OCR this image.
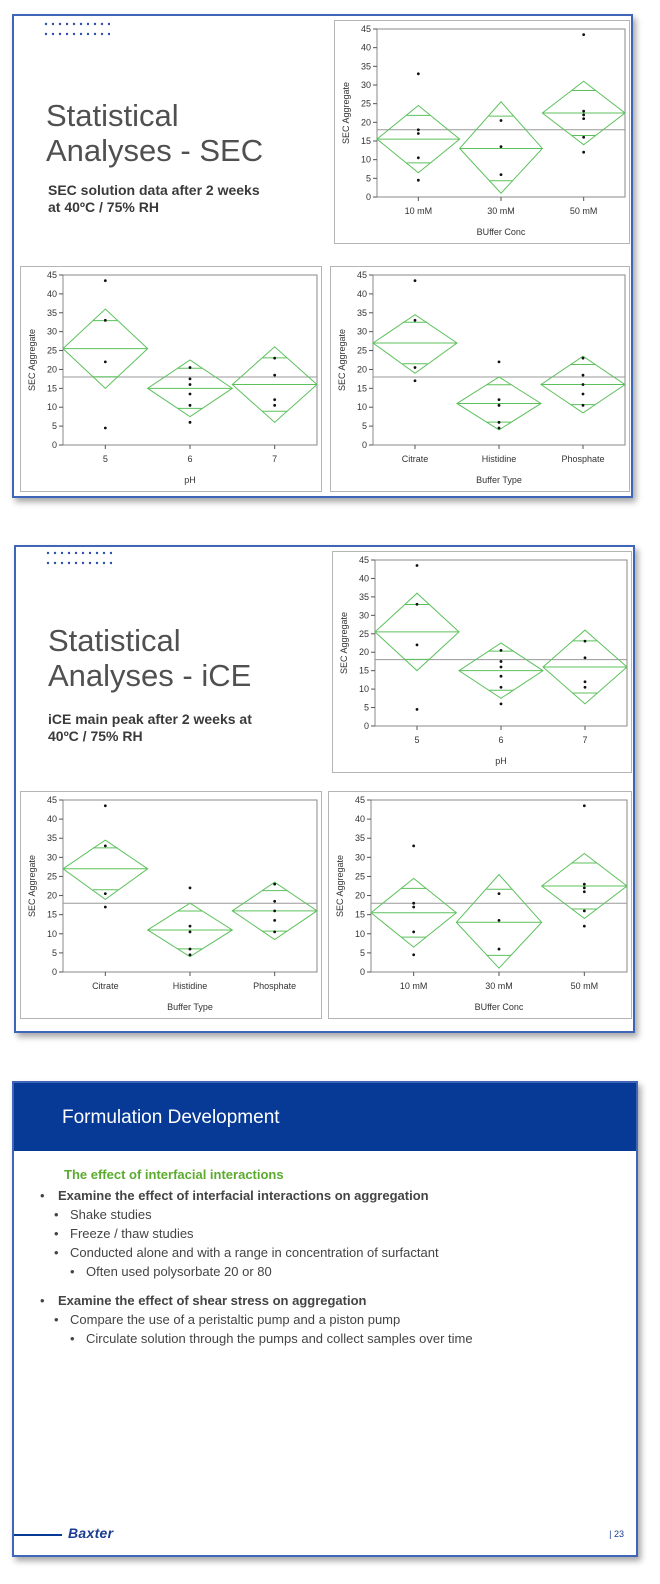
Statistical
Analyses - SEC

SEC solution data after 2 weeks
at 40ºC / 75% RH

0
5
10
15
20
25
30
35
40
45
SEC Aggregate
10 mM	30 mM	50 mM
BUffer Conc
0
5
10
15
20
25
30
35
40
45
SEC Aggregate
5	6	7
pH
0
5
10
15
20
25
30
35
40
45
SEC Aggregate
Citrate	Histidine	Phosphate
Buffer Type
Statistical
Analyses - iCE

iCE main peak after 2 weeks at
40ºC / 75% RH

0
5
10
15
20
25
30
35
40
45
SEC Aggregate
5	6	7
pH
0
5
10
15
20
25
30
35
40
45
SEC Aggregate
Citrate	Histidine	Phosphate
Buffer Type
0
5
10
15
20
25
30
35
40
45
SEC Aggregate
10 mM	30 mM	50 mM
BUffer Conc
Formulation Development
The effect of interfacial interactions
• Examine the effect of interfacial interactions on aggregation
• Shake studies
• Freeze / thaw studies
• Conducted alone and with a range in concentration of surfactant
• Often used polysorbate 20 or 80
• Examine the effect of shear stress on aggregation
• Compare the use of a peristaltic pump and a piston pump
• Circulate solution through the pumps and collect samples over time
Baxter	| 23
